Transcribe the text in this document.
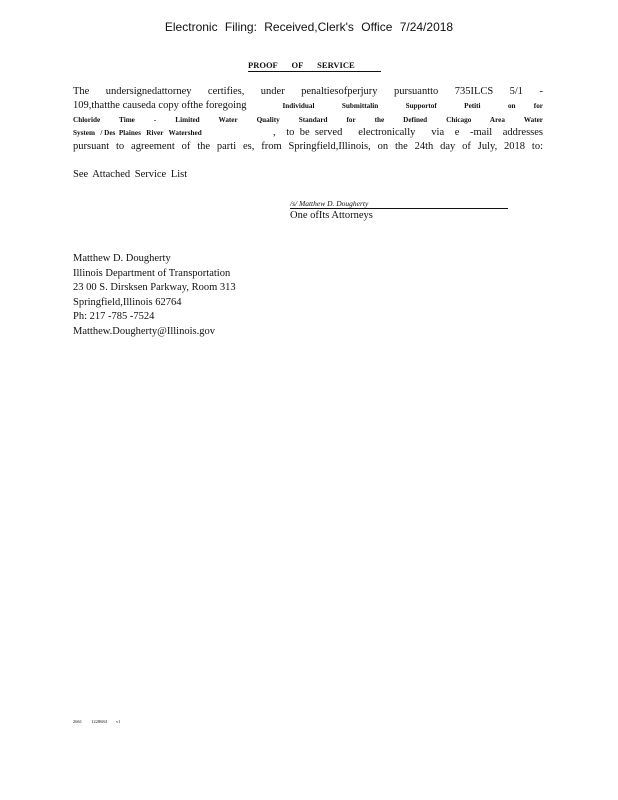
Electronic Filing: Received,Clerk's Office 7/24/2018
PROOF OF SERVICE
The undersignedattorney certifies, under penaltiesofperjury pursuantto 735ILCS 5/1 -
109,thatthe causeda copy ofthe foregoing	Individual   Submittalin   Supportof   Petiti   on  for
Chloride Time - Limited Water Quality Standard for the Defined Chicago Area Water
System   / Des  Plaines   River   Watershed	,  to be served   electronically   via  e  -mail  addresses
pursuant to agreement of the parti es, from Springfield,Illinois, on the 24th day of July, 2018 to:
See Attached Service List
/s/ Matthew D. Dougherty
One ofIts Attorneys
Matthew D. Dougherty
Illinois Department of Transportation
23 00 S. Dirsksen Parkway, Room 313
Springfield,Illinois 62764
Ph: 217 -785 -7524
Matthew.Dougherty@Illinois.gov
2661 1228684 v1
